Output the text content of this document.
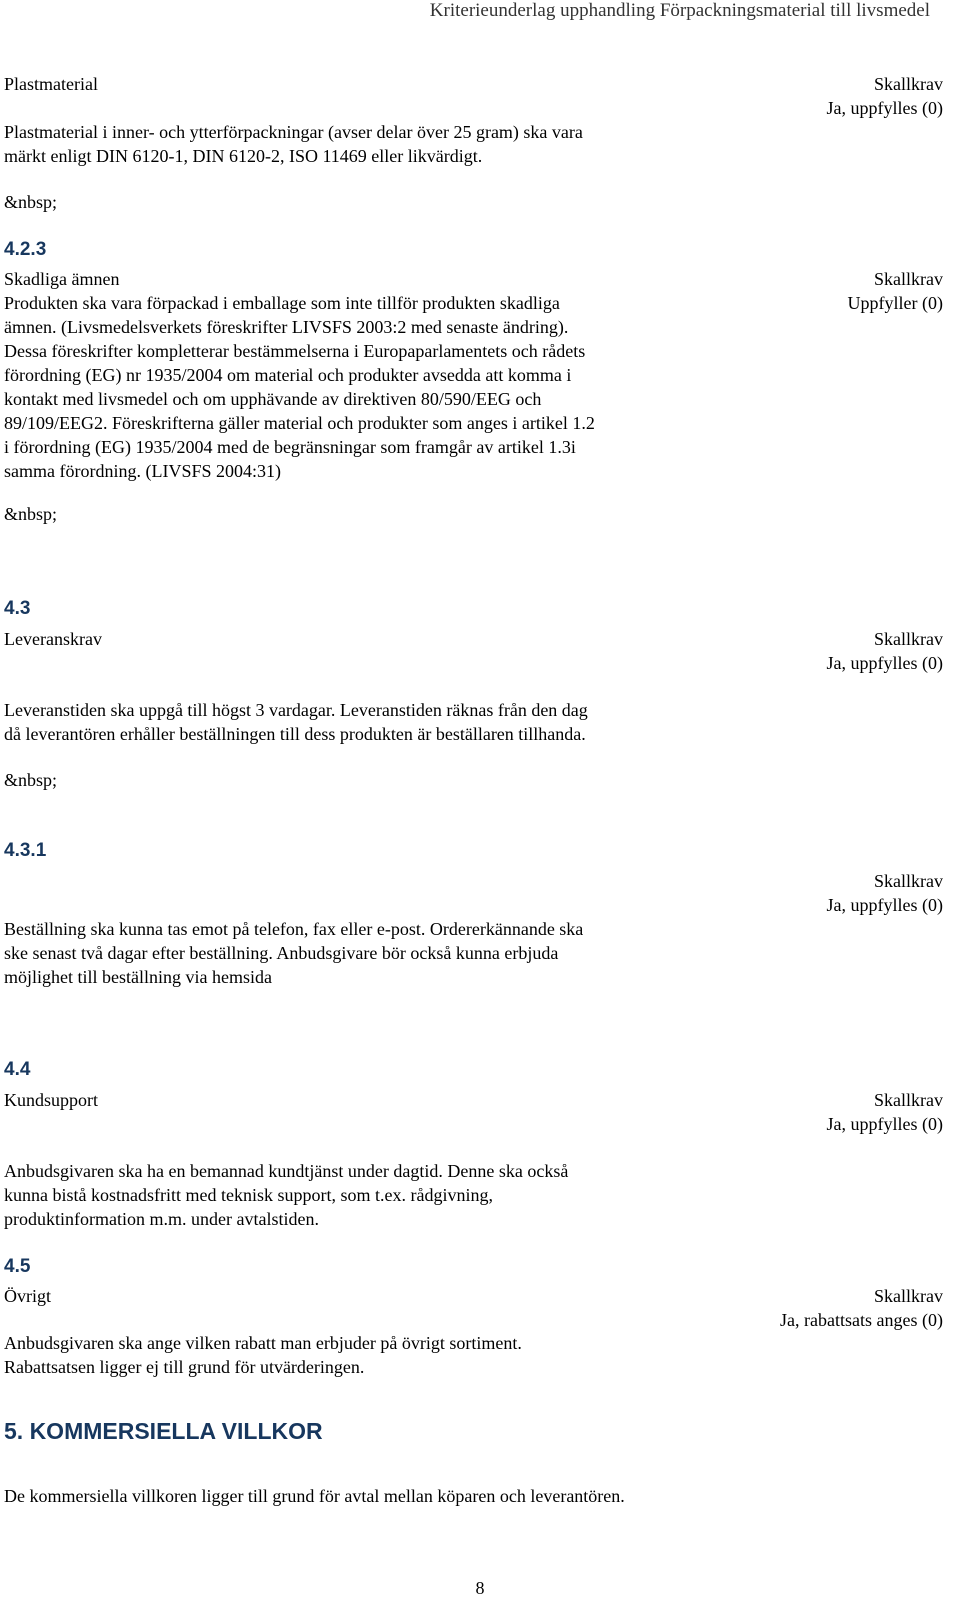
Kriterieunderlag upphandling Förpackningsmaterial till livsmedel
Plastmaterial	Skallkrav
Ja, uppfylles (0)
Plastmaterial i inner- och ytterförpackningar (avser delar över 25 gram) ska vara
märkt enligt DIN 6120-1, DIN 6120-2, ISO 11469 eller likvärdigt.
&nbsp;
4.2.3
Skadliga ämnen
Produkten ska vara förpackad i emballage som inte tillför produkten skadliga
ämnen. (Livsmedelsverkets föreskrifter LIVSFS 2003:2 med senaste ändring).
Dessa föreskrifter kompletterar bestämmelserna i Europaparlamentets och rådets
förordning (EG) nr 1935/2004 om material och produkter avsedda att komma i
kontakt med livsmedel och om upphävande av direktiven 80/590/EEG och
89/109/EEG2. Föreskrifterna gäller material och produkter som anges i artikel 1.2
i förordning (EG) 1935/2004 med de begränsningar som framgår av artikel 1.3i
samma förordning. (LIVSFS 2004:31)
Skallkrav
Uppfyller (0)
&nbsp;
4.3
Leveranskrav	Skallkrav
Ja, uppfylles (0)
Leveranstiden ska uppgå till högst 3 vardagar. Leveranstiden räknas från den dag
då leverantören erhåller beställningen till dess produkten är beställaren tillhanda.
&nbsp;
4.3.1
Skallkrav
Ja, uppfylles (0)
Beställning ska kunna tas emot på telefon, fax eller e-post. Ordererkännande ska
ske senast två dagar efter beställning. Anbudsgivare bör också kunna erbjuda
möjlighet till beställning via hemsida
4.4
Kundsupport	Skallkrav
Ja, uppfylles (0)
Anbudsgivaren ska ha en bemannad kundtjänst under dagtid. Denne ska också
kunna bistå kostnadsfritt med teknisk support, som t.ex. rådgivning,
produktinformation m.m. under avtalstiden.
4.5
Övrigt	Skallkrav
Ja, rabattsats anges (0)
Anbudsgivaren ska ange vilken rabatt man erbjuder på övrigt sortiment.
Rabattsatsen ligger ej till grund för utvärderingen.
5. KOMMERSIELLA VILLKOR
De kommersiella villkoren ligger till grund för avtal mellan köparen och leverantören.
8
